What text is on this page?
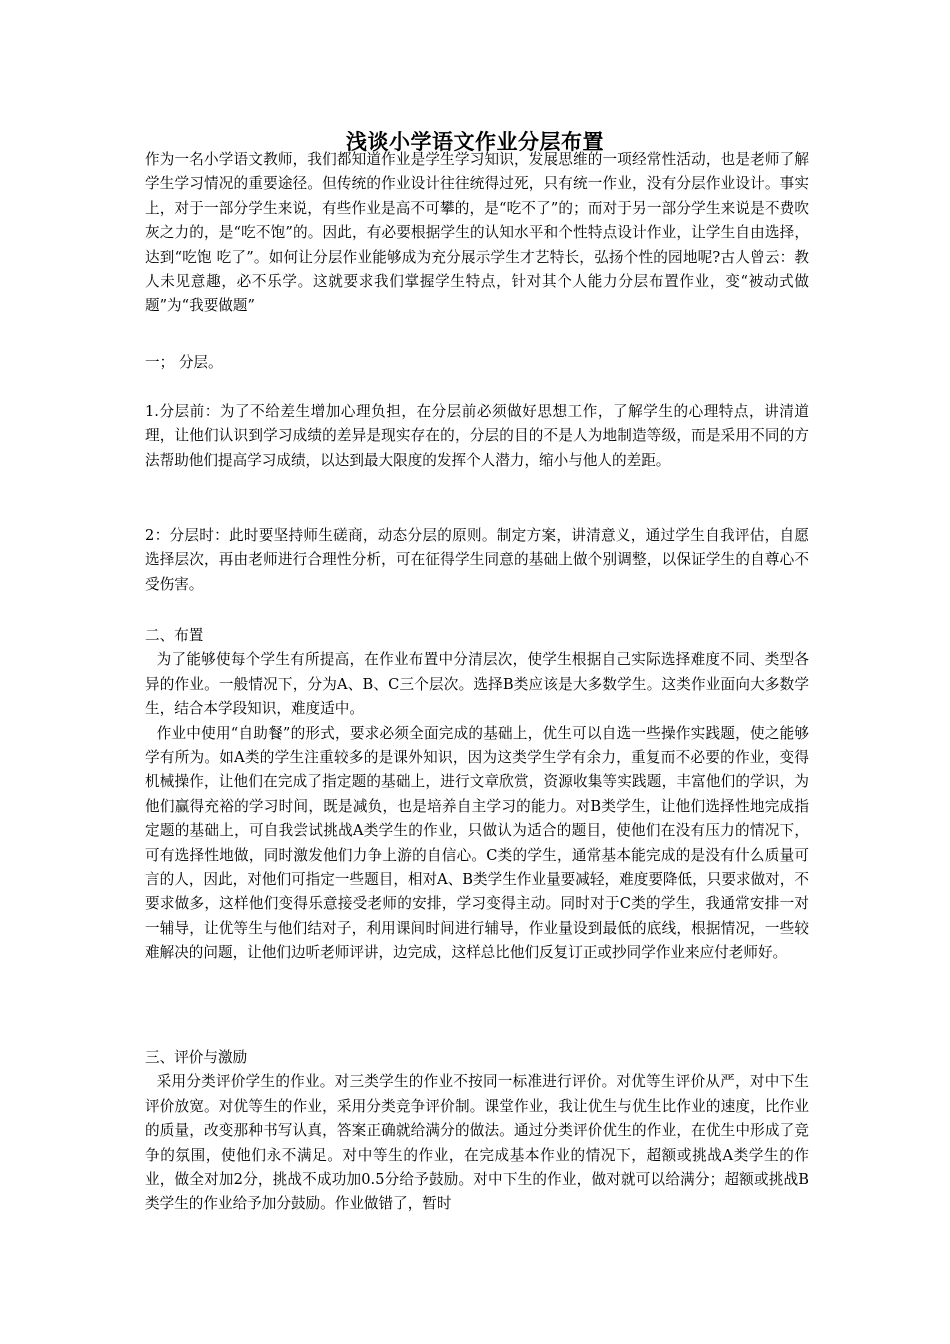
浅谈小学语文作业分层布置

作为一名小学语文教师，我们都知道作业是学生学习知识，发展思维的一项经常性活动，也是老师了解学生学习情况的重要途径。但传统的作业设计往往统得过死，只有统一作业，没有分层作业设计。事实上，对于一部分学生来说，有些作业是高不可攀的，是“吃不了”的；而对于另一部分学生来说是不费吹灰之力的，是“吃不饱”的。因此，有必要根据学生的认知水平和个性特点设计作业，让学生自由选择，达到“吃饱 吃了”。如何让分层作业能够成为充分展示学生才艺特长，弘扬个性的园地呢?古人曾云：教人未见意趣，必不乐学。这就要求我们掌握学生特点，针对其个人能力分层布置作业，变“被动式做题”为“我要做题”

一； 分层。

1.分层前：为了不给差生增加心理负担，在分层前必须做好思想工作，了解学生的心理特点，讲清道理，让他们认识到学习成绩的差异是现实存在的，分层的目的不是人为地制造等级，而是采用不同的方法帮助他们提高学习成绩，以达到最大限度的发挥个人潜力，缩小与他人的差距。

2：分层时：此时要坚持师生磋商，动态分层的原则。制定方案，讲清意义，通过学生自我评估，自愿选择层次，再由老师进行合理性分析，可在征得学生同意的基础上做个别调整，以保证学生的自尊心不受伤害。

二、布置

为了能够使每个学生有所提高，在作业布置中分清层次，使学生根据自己实际选择难度不同、类型各异的作业。一般情况下，分为A、B、C三个层次。选择B类应该是大多数学生。这类作业面向大多数学生，结合本学段知识，难度适中。

作业中使用“自助餐”的形式，要求必须全面完成的基础上，优生可以自选一些操作实践题，使之能够学有所为。如A类的学生注重较多的是课外知识，因为这类学生学有余力，重复而不必要的作业，变得机械操作，让他们在完成了指定题的基础上，进行文章欣赏，资源收集等实践题，丰富他们的学识，为他们赢得充裕的学习时间，既是减负，也是培养自主学习的能力。对B类学生，让他们选择性地完成指定题的基础上，可自我尝试挑战A类学生的作业，只做认为适合的题目，使他们在没有压力的情况下，可有选择性地做，同时激发他们力争上游的自信心。C类的学生，通常基本能完成的是没有什么质量可言的人，因此，对他们可指定一些题目，相对A、B类学生作业量要减轻，难度要降低，只要求做对，不要求做多，这样他们变得乐意接受老师的安排，学习变得主动。同时对于C类的学生，我通常安排一对一辅导，让优等生与他们结对子，利用课间时间进行辅导，作业量设到最低的底线，根据情况，一些较难解决的问题，让他们边听老师评讲，边完成，这样总比他们反复订正或抄同学作业来应付老师好。

三、评价与激励

采用分类评价学生的作业。对三类学生的作业不按同一标准进行评价。对优等生评价从严，对中下生评价放宽。对优等生的作业，采用分类竞争评价制。课堂作业，我让优生与优生比作业的速度，比作业的质量，改变那种书写认真，答案正确就给满分的做法。通过分类评价优生的作业，在优生中形成了竞争的氛围，使他们永不满足。对中等生的作业，在完成基本作业的情况下，超额或挑战A类学生的作业，做全对加2分，挑战不成功加0.5分给予鼓励。对中下生的作业，做对就可以给满分；超额或挑战B类学生的作业给予加分鼓励。作业做错了，暂时
